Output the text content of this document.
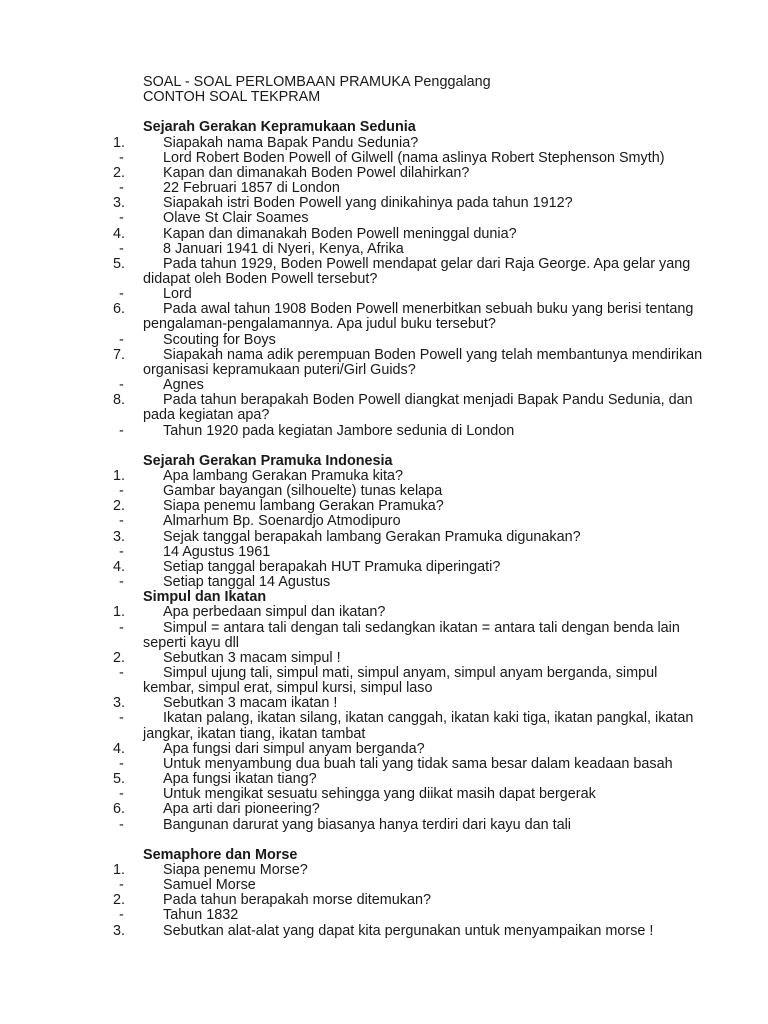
SOAL - SOAL PERLOMBAAN PRAMUKA Penggalang
CONTOH SOAL TEKPRAM
Sejarah Gerakan Kepramukaan Sedunia
1.	Siapakah nama Bapak Pandu Sedunia?
-	Lord Robert Boden Powell of Gilwell (nama aslinya Robert Stephenson Smyth)
2.	Kapan dan dimanakah Boden Powel dilahirkan?
-	22 Februari 1857 di London
3.	Siapakah istri Boden Powell yang dinikahinya pada tahun 1912?
-	Olave St Clair Soames
4.	Kapan dan dimanakah Boden Powell meninggal dunia?
-	8 Januari 1941 di Nyeri, Kenya, Afrika
5.	Pada tahun 1929, Boden Powell mendapat gelar dari Raja George. Apa gelar yang didapat oleh Boden Powell tersebut?
-	Lord
6.	Pada awal tahun 1908 Boden Powell menerbitkan sebuah buku yang berisi tentang pengalaman-pengalamannya. Apa judul buku tersebut?
-	Scouting for Boys
7.	Siapakah nama adik perempuan Boden Powell yang telah membantunya mendirikan organisasi kepramukaan puteri/Girl Guids?
-	Agnes
8.	Pada tahun berapakah Boden Powell diangkat menjadi Bapak Pandu Sedunia, dan pada kegiatan apa?
-	Tahun 1920 pada kegiatan Jambore sedunia di London
Sejarah Gerakan Pramuka Indonesia
1.	Apa lambang Gerakan Pramuka kita?
-	Gambar bayangan (silhouelte) tunas kelapa
2.	Siapa penemu lambang Gerakan Pramuka?
-	Almarhum Bp. Soenardjo Atmodipuro
3.	Sejak tanggal berapakah lambang Gerakan Pramuka digunakan?
-	14 Agustus 1961
4.	Setiap tanggal berapakah HUT Pramuka diperingati?
-	Setiap tanggal 14 Agustus
Simpul dan Ikatan
1.	Apa perbedaan simpul dan ikatan?
-	Simpul = antara tali dengan tali sedangkan ikatan = antara tali dengan benda lain seperti kayu dll
2.	Sebutkan 3 macam simpul !
-	Simpul ujung tali, simpul mati, simpul anyam, simpul anyam berganda, simpul kembar, simpul erat, simpul kursi, simpul laso
3.	Sebutkan 3 macam ikatan !
-	Ikatan palang, ikatan silang, ikatan canggah, ikatan kaki tiga, ikatan pangkal, ikatan jangkar, ikatan tiang, ikatan tambat
4.	Apa fungsi dari simpul anyam berganda?
-	Untuk menyambung dua buah tali yang tidak sama besar dalam keadaan basah
5.	Apa fungsi ikatan tiang?
-	Untuk mengikat sesuatu sehingga yang diikat masih dapat bergerak
6.	Apa arti dari pioneering?
-	Bangunan darurat yang biasanya hanya terdiri dari kayu dan tali
Semaphore dan Morse
1.	Siapa penemu Morse?
-	Samuel Morse
2.	Pada tahun berapakah morse ditemukan?
-	Tahun 1832
3.	Sebutkan alat-alat yang dapat kita pergunakan untuk menyampaikan morse !
